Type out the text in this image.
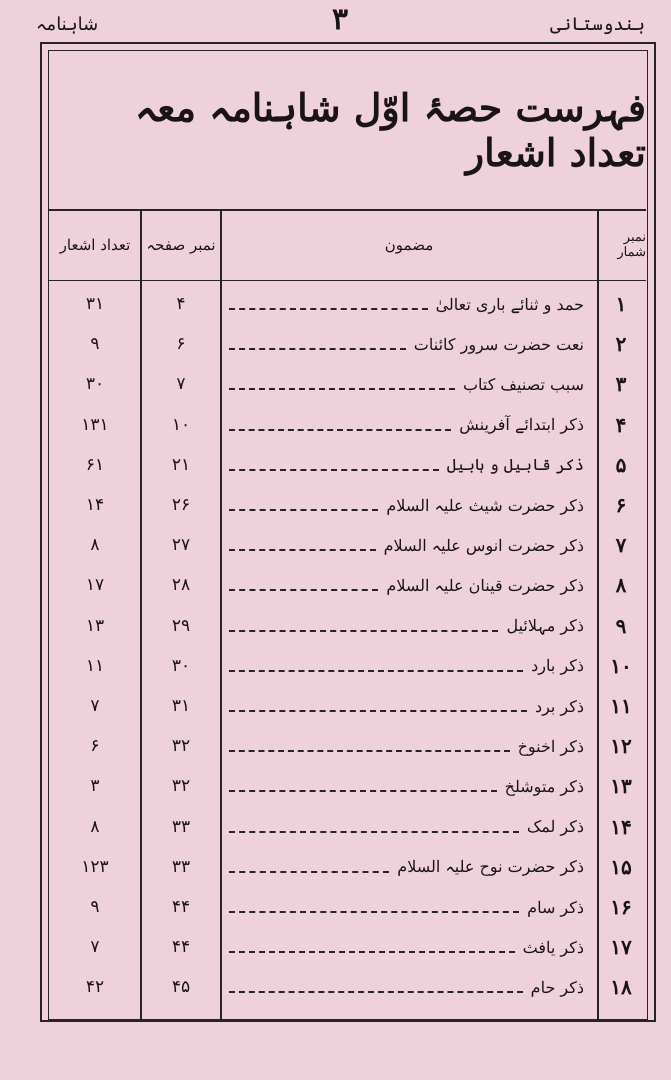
شاہنامہ	۳	ہندوستانی
فہرست حصۂ اوّل شاہنامہ معہ تعداد اشعار
نمبر شمار
مضمون
نمبر صفحہ
تعداد اشعار
۱
حمد و ثنائے باری تعالیٰ
۴
۳۱
۲
نعت حضرت سرور کائنات
۶
۹
۳
سبب تصنیف کتاب
۷
۳۰
۴
ذکر ابتدائے آفرینش
۱۰
۱۳۱
۵
ذکر قابیل و ہابیل
۲۱
۶۱
۶
ذکر حضرت شیث علیہ السلام
۲۶
۱۴
۷
ذکر حضرت انوس علیہ السلام
۲۷
۸
۸
ذکر حضرت قینان علیہ السلام
۲۸
۱۷
۹
ذکر مہلائیل
۲۹
۱۳
۱۰
ذکر بارد
۳۰
۱۱
۱۱
ذکر برد
۳۱
۷
۱۲
ذکر اخنوخ
۳۲
۶
۱۳
ذکر متوشلخ
۳۲
۳
۱۴
ذکر لمک
۳۳
۸
۱۵
ذکر حضرت نوح علیہ السلام
۳۳
۱۲۳
۱۶
ذکر سام
۴۴
۹
۱۷
ذکر یافث
۴۴
۷
۱۸
ذکر حام
۴۵
۴۲
